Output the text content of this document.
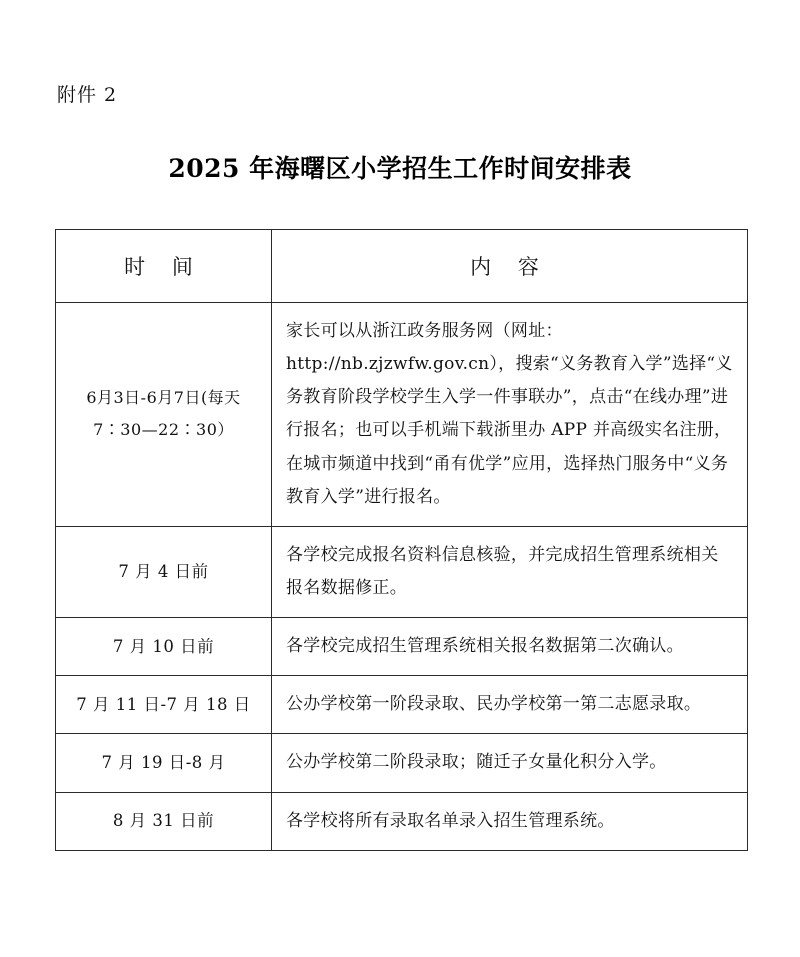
附件 2
2025 年海曙区小学招生工作时间安排表
时 间	内 容
6月3日-6月7日(每天 7∶30—22∶30）	家长可以从浙江政务服务网（网址：http://nb.zjzwfw.gov.cn），搜索“义务教育入学”选择“义务教育阶段学校学生入学一件事联办”，点击“在线办理”进行报名；也可以手机端下载浙里办 APP 并高级实名注册，在城市频道中找到“甬有优学”应用，选择热门服务中“义务教育入学”进行报名。
7 月 4 日前	各学校完成报名资料信息核验，并完成招生管理系统相关报名数据修正。
7 月 10 日前	各学校完成招生管理系统相关报名数据第二次确认。
7 月 11 日-7 月 18 日	公办学校第一阶段录取、民办学校第一第二志愿录取。
7 月 19 日-8 月	公办学校第二阶段录取；随迁子女量化积分入学。
8 月 31 日前	各学校将所有录取名单录入招生管理系统。
